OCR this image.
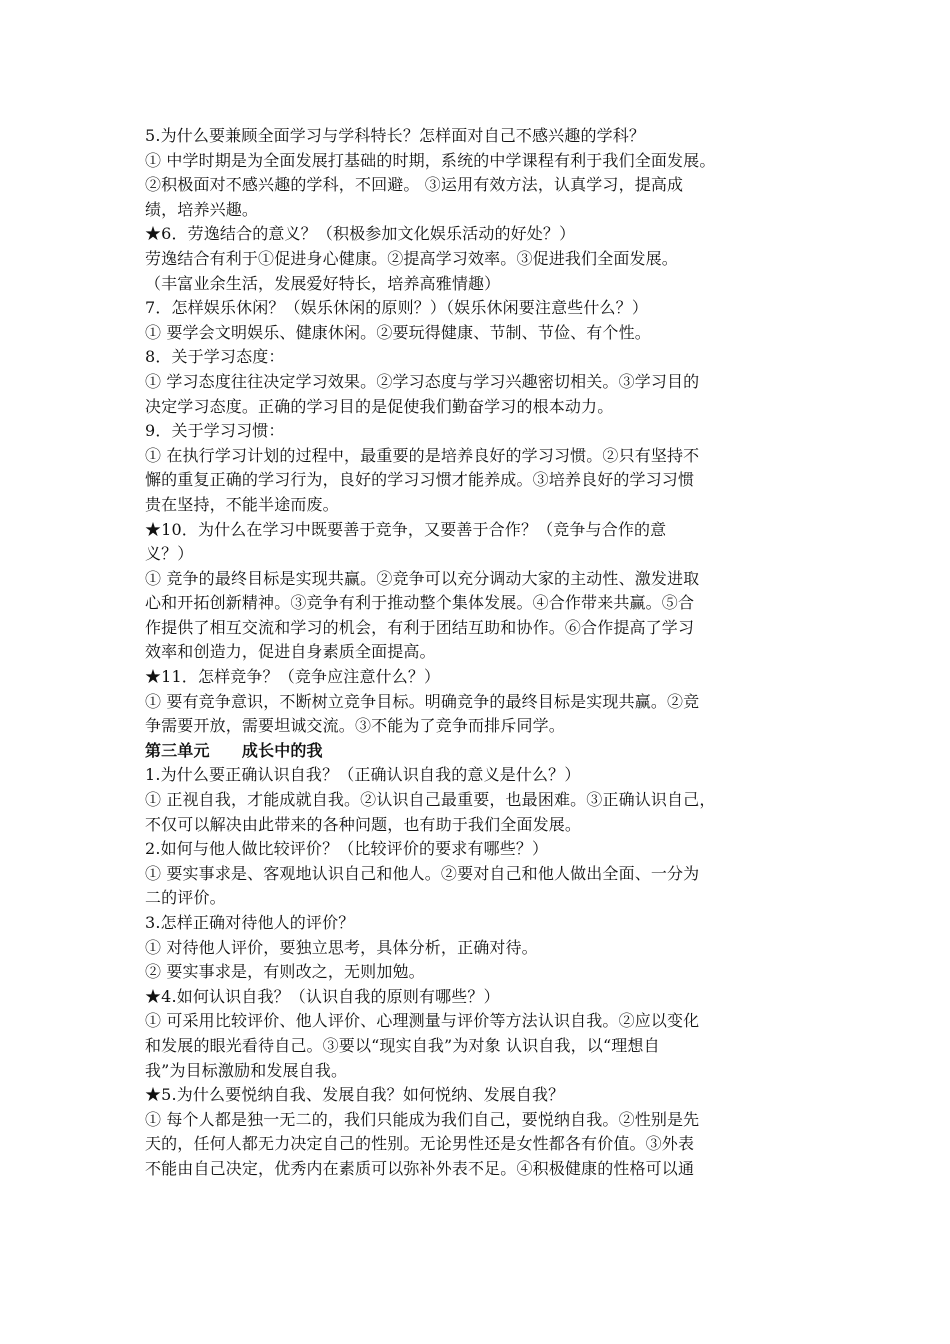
5.为什么要兼顾全面学习与学科特长？怎样面对自己不感兴趣的学科？
① 中学时期是为全面发展打基础的时期，系统的中学课程有利于我们全面发展。
②积极面对不感兴趣的学科，不回避。 ③运用有效方法，认真学习，提高成
绩，培养兴趣。
★6．劳逸结合的意义？（积极参加文化娱乐活动的好处？）
劳逸结合有利于①促进身心健康。②提高学习效率。③促进我们全面发展。
（丰富业余生活，发展爱好特长，培养高雅情趣）
7．怎样娱乐休闲？（娱乐休闲的原则？）（娱乐休闲要注意些什么？）
① 要学会文明娱乐、健康休闲。②要玩得健康、节制、节俭、有个性。
8．关于学习态度：
① 学习态度往往决定学习效果。②学习态度与学习兴趣密切相关。③学习目的
决定学习态度。正确的学习目的是促使我们勤奋学习的根本动力。
9．关于学习习惯：
① 在执行学习计划的过程中，最重要的是培养良好的学习习惯。②只有坚持不
懈的重复正确的学习行为，良好的学习习惯才能养成。③培养良好的学习习惯
贵在坚持，不能半途而废。
★10．为什么在学习中既要善于竞争，又要善于合作？（竞争与合作的意
义？）
① 竞争的最终目标是实现共赢。②竞争可以充分调动大家的主动性、激发进取
心和开拓创新精神。③竞争有利于推动整个集体发展。④合作带来共赢。⑤合
作提供了相互交流和学习的机会，有利于团结互助和协作。⑥合作提高了学习
效率和创造力，促进自身素质全面提高。
★11．怎样竞争？（竞争应注意什么？）
① 要有竞争意识，不断树立竞争目标。明确竞争的最终目标是实现共赢。②竞
争需要开放，需要坦诚交流。③不能为了竞争而排斥同学。
第三单元　　成长中的我
1.为什么要正确认识自我？（正确认识自我的意义是什么？）
① 正视自我，才能成就自我。②认识自己最重要，也最困难。③正确认识自己，
不仅可以解决由此带来的各种问题，也有助于我们全面发展。
2.如何与他人做比较评价？（比较评价的要求有哪些？）
① 要实事求是、客观地认识自己和他人。②要对自己和他人做出全面、一分为
二的评价。
3.怎样正确对待他人的评价？
① 对待他人评价，要独立思考，具体分析，正确对待。
② 要实事求是，有则改之，无则加勉。
★4.如何认识自我？（认识自我的原则有哪些？）
① 可采用比较评价、他人评价、心理测量与评价等方法认识自我。②应以变化
和发展的眼光看待自己。③要以“现实自我”为对象 认识自我，以“理想自
我”为目标激励和发展自我。
★5.为什么要悦纳自我、发展自我？如何悦纳、发展自我？
① 每个人都是独一无二的，我们只能成为我们自己，要悦纳自我。②性别是先
天的，任何人都无力决定自己的性别。无论男性还是女性都各有价值。③外表
不能由自己决定，优秀内在素质可以弥补外表不足。④积极健康的性格可以通
